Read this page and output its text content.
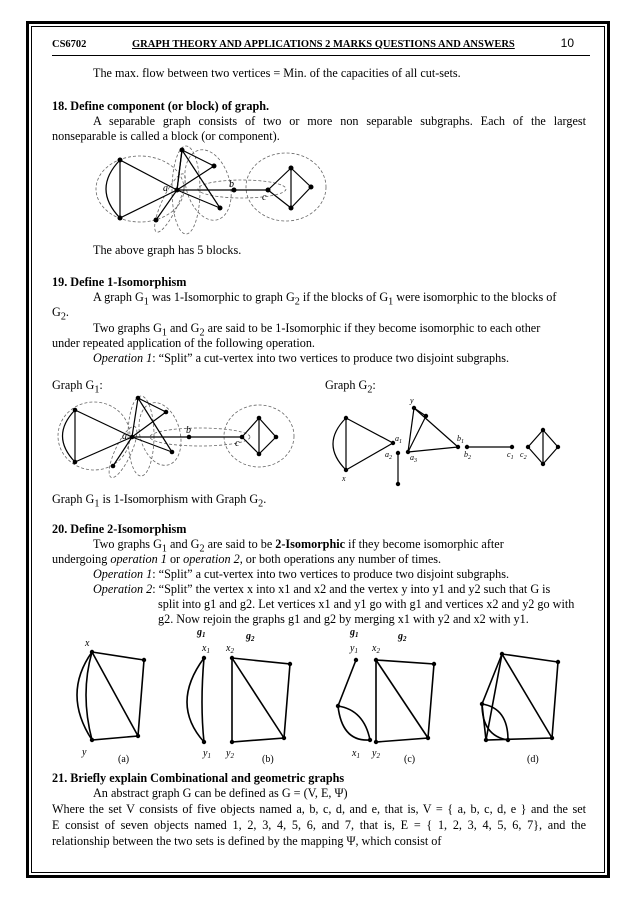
CS6702	GRAPH THEORY AND APPLICATIONS 2 MARKS QUESTIONS AND ANSWERS	10
The max. flow between two vertices = Min. of the capacities of all cut-sets.
18. Define component (or block) of graph.
A separable graph consists of two or more non separable subgraphs. Each of the largest
nonseparable is called a block (or component).
a	b
c
The above graph has 5 blocks.
19. Define 1-Isomorphism
A graph $G_1$ was 1-Isomorphic to graph $G_2$ if the blocks of $G_1$ were isomorphic to the blocks of
$G_2$.
Two graphs $G_1$ and $G_2$ are said to be 1-Isomorphic if they become isomorphic to each other
under repeated application of the following operation.
Operation 1: “Split” a cut-vertex into two vertices to produce two disjoint subgraphs.
Graph $G_1$:	Graph $G_2$:
a
b
c
y
$a_1$
$a_2$ $a_3$
$b_1$
$b_2$	$c_1$ $c_2$
x
Graph $G_1$ is 1-Isomorphism with Graph $G_2$.
20. Define 2-Isomorphism
Two graphs $G_1$ and $G_2$ are said to be 2-Isomorphic if they become isomorphic after
undergoing operation 1 or operation 2, or both operations any number of times.
Operation 1: “Split” a cut-vertex into two vertices to produce two disjoint subgraphs.
Operation 2: “Split” the vertex x into x1 and x2 and the vertex y into y1 and y2 such that G is
split into g1 and g2. Let vertices x1 and y1 go with g1 and vertices x2 and y2 go with
g2. Now rejoin the graphs g1 and g2 by merging x1 with y2 and x2 with y1.
x
y
(a)
$g_1$	$g_2$
$x_1$ $x_2$
$y_1$ $y_2$	(b)
$g_1$	$g_2$
$y_1$ $x_2$
$x_1$ $y_2$ (c)	(d)
21. Briefly explain Combinational and geometric graphs
An abstract graph G can be defined as G = (V, E, Ψ)
Where the set V consists of five objects named a, b, c, d, and e, that is, V = { a, b, c, d, e } and the set
E consist of seven objects named 1, 2, 3, 4, 5, 6, and 7, that is, E = { 1, 2, 3, 4, 5, 6, 7}, and the
relationship between the two sets is defined by the mapping Ψ, which consist of
